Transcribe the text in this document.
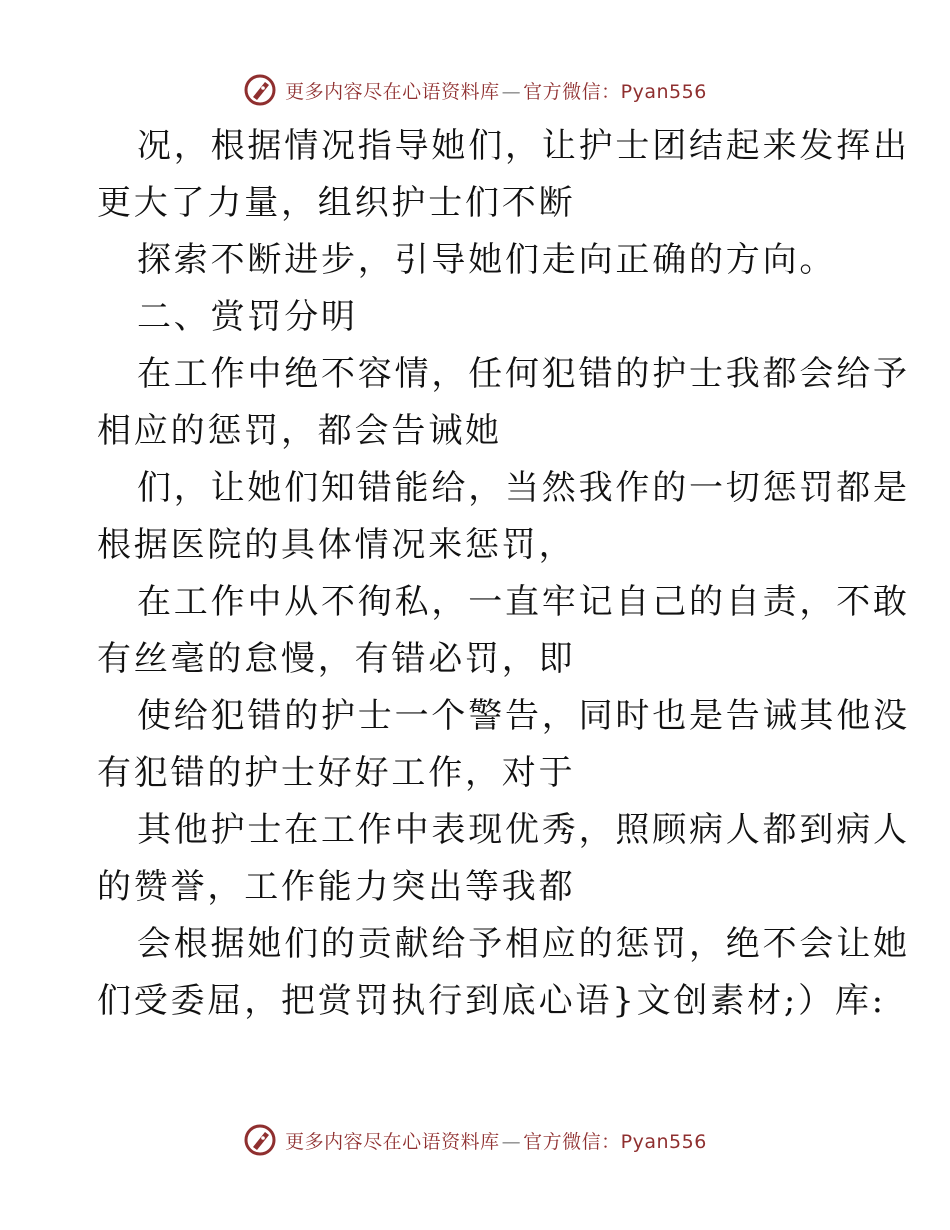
更多内容尽在心语资料库 — 官方微信：Pyan556
况，根据情况指导她们，让护士团结起来发挥出
更大了力量，组织护士们不断
探索不断进步，引导她们走向正确的方向。
二、赏罚分明
在工作中绝不容情，任何犯错的护士我都会给予
相应的惩罚，都会告诫她
们，让她们知错能给，当然我作的一切惩罚都是
根据医院的具体情况来惩罚，
在工作中从不徇私，一直牢记自己的自责，不敢
有丝毫的怠慢，有错必罚，即
使给犯错的护士一个警告，同时也是告诫其他没
有犯错的护士好好工作，对于
其他护士在工作中表现优秀，照顾病人都到病人
的赞誉，工作能力突出等我都
会根据她们的贡献给予相应的惩罚，绝不会让她
们受委屈，把赏罚执行到底心语}文创素材;）库:
更多内容尽在心语资料库 — 官方微信：Pyan556
